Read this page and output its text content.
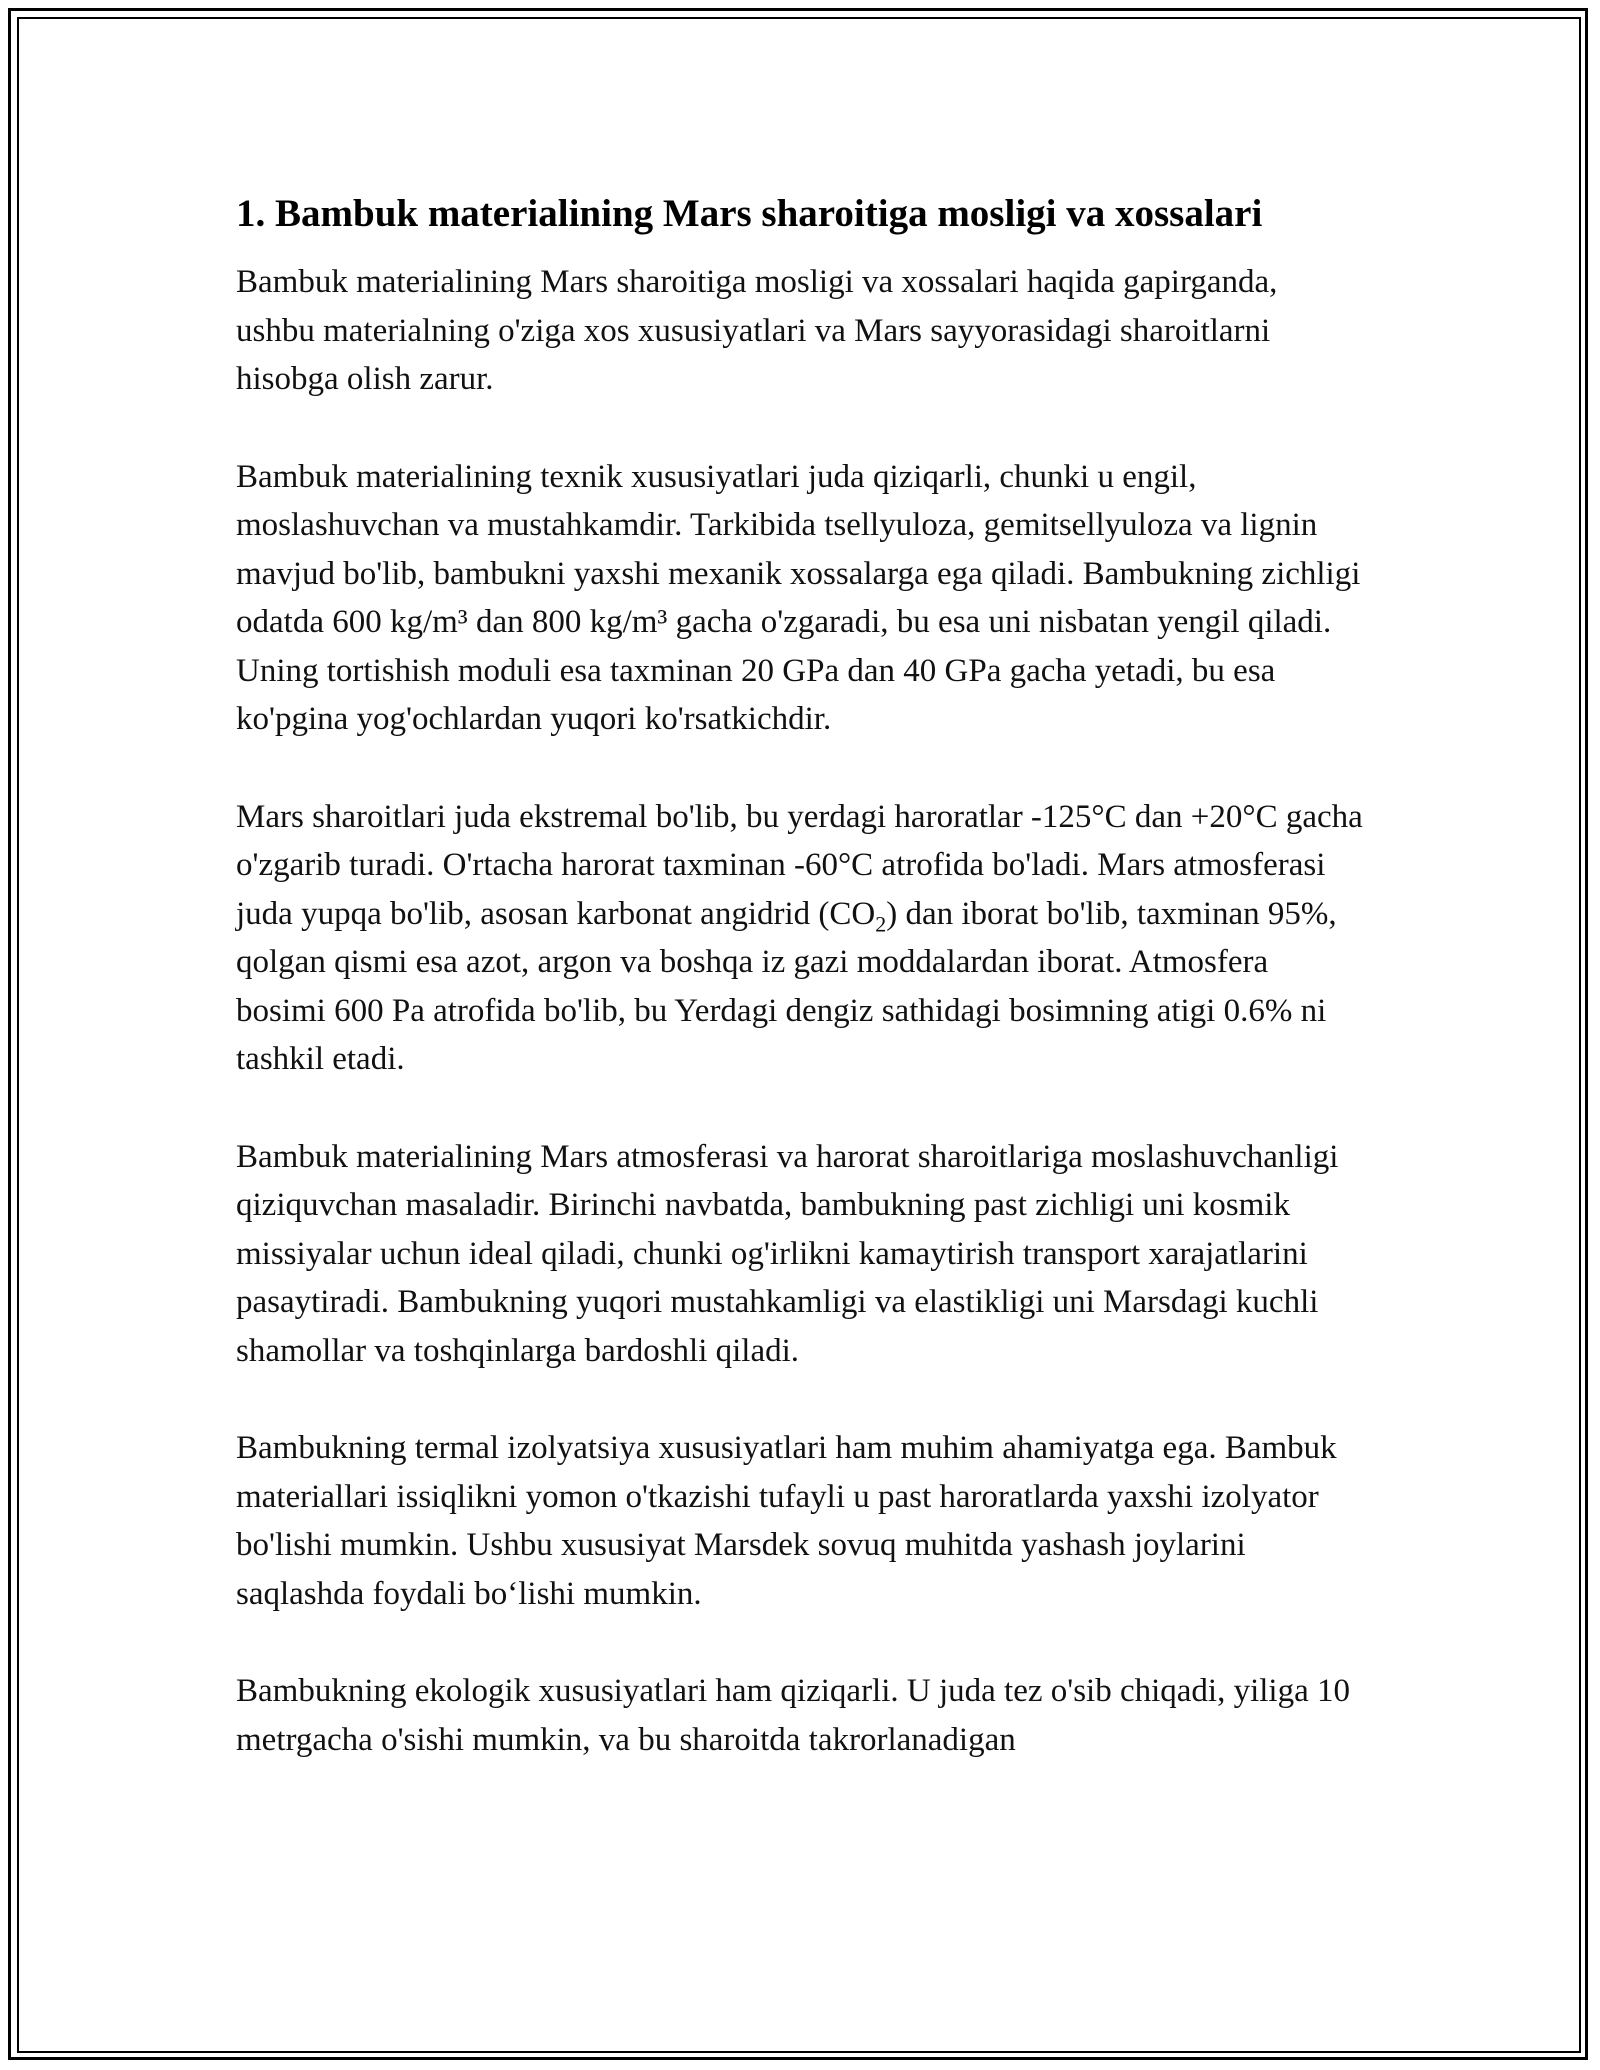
1. Bambuk materialining Mars sharoitiga mosligi va xossalari

Bambuk materialining Mars sharoitiga mosligi va xossalari haqida gapirganda, ushbu materialning o'ziga xos xususiyatlari va Mars sayyorasidagi sharoitlarni hisobga olish zarur.

Bambuk materialining texnik xususiyatlari juda qiziqarli, chunki u engil, moslashuvchan va mustahkamdir. Tarkibida tsellyuloza, gemitsellyuloza va lignin mavjud bo'lib, bambukni yaxshi mexanik xossalarga ega qiladi. Bambukning zichligi odatda 600 kg/m³ dan 800 kg/m³ gacha o'zgaradi, bu esa uni nisbatan yengil qiladi. Uning tortishish moduli esa taxminan 20 GPa dan 40 GPa gacha yetadi, bu esa ko'pgina yog'ochlardan yuqori ko'rsatkichdir.

Mars sharoitlari juda ekstremal bo'lib, bu yerdagi haroratlar -125°C dan +20°C gacha o'zgarib turadi. O'rtacha harorat taxminan -60°C atrofida bo'ladi. Mars atmosferasi juda yupqa bo'lib, asosan karbonat angidrid $(CO_2)$ dan iborat bo'lib, taxminan 95%, qolgan qismi esa azot, argon va boshqa iz gazi moddalardan iborat. Atmosfera bosimi 600 Pa atrofida bo'lib, bu Yerdagi dengiz sathidagi bosimning atigi 0.6% ni tashkil etadi.

Bambuk materialining Mars atmosferasi va harorat sharoitlariga moslashuvchanligi qiziquvchan masaladir. Birinchi navbatda, bambukning past zichligi uni kosmik missiyalar uchun ideal qiladi, chunki og'irlikni kamaytirish transport xarajatlarini pasaytiradi. Bambukning yuqori mustahkamligi va elastikligi uni Marsdagi kuchli shamollar va toshqinlarga bardoshli qiladi.

Bambukning termal izolyatsiya xususiyatlari ham muhim ahamiyatga ega. Bambuk materiallari issiqlikni yomon o'tkazishi tufayli u past haroratlarda yaxshi izolyator bo'lishi mumkin. Ushbu xususiyat Marsdek sovuq muhitda yashash joylarini saqlashda foydali bo‘lishi mumkin.

Bambukning ekologik xususiyatlari ham qiziqarli. U juda tez o'sib chiqadi, yiliga 10 metrgacha o'sishi mumkin, va bu sharoitda takrorlanadigan
